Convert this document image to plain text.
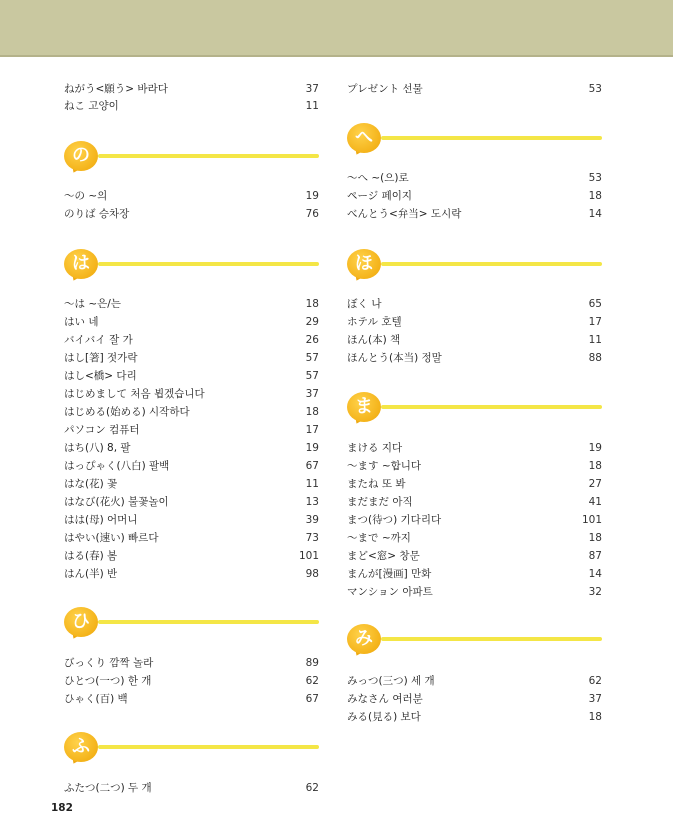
ねがう<願う> 바라다	37
ねこ 고양이	11
の
〜の ~의	19
のりば 승차장	76
は
〜は ~은/는	18
はい 네	29
バイバイ 잘 가	26
はし[箸] 젓가락	57
はし<橋> 다리	57
はじめまして 처음 뵙겠습니다	37
はじめる(始める) 시작하다	18
パソコン 컴퓨터	17
はち(八) 8, 팔	19
はっぴゃく(八白) 팔백	67
はな(花) 꽃	11
はなび(花火) 불꽃놀이	13
はは(母) 어머니	39
はやい(速い) 빠르다	73
はる(春) 봄	101
はん(半) 반	98
ひ
びっくり 깜짝 놀라	89
ひとつ(一つ) 한 개	62
ひゃく(百) 백	67
ふ
ふたつ(二つ) 두 개	62
プレゼント 선물	53
へ
〜へ ~(으)로	53
ページ 페이지	18
べんとう<弁当> 도시락	14
ほ
ぼく 나	65
ホテル 호텔	17
ほん(本) 책	11
ほんとう(本当) 정말	88
ま
まける 지다	19
〜ます ~합니다	18
またね 또 봐	27
まだまだ 아직	41
まつ(待つ) 기다리다	101
〜まで ~까지	18
まど<窓> 창문	87
まんが[漫画] 만화	14
マンション 아파트	32
み
みっつ(三つ) 세 개	62
みなさん 여러분	37
みる(見る) 보다	18
182
